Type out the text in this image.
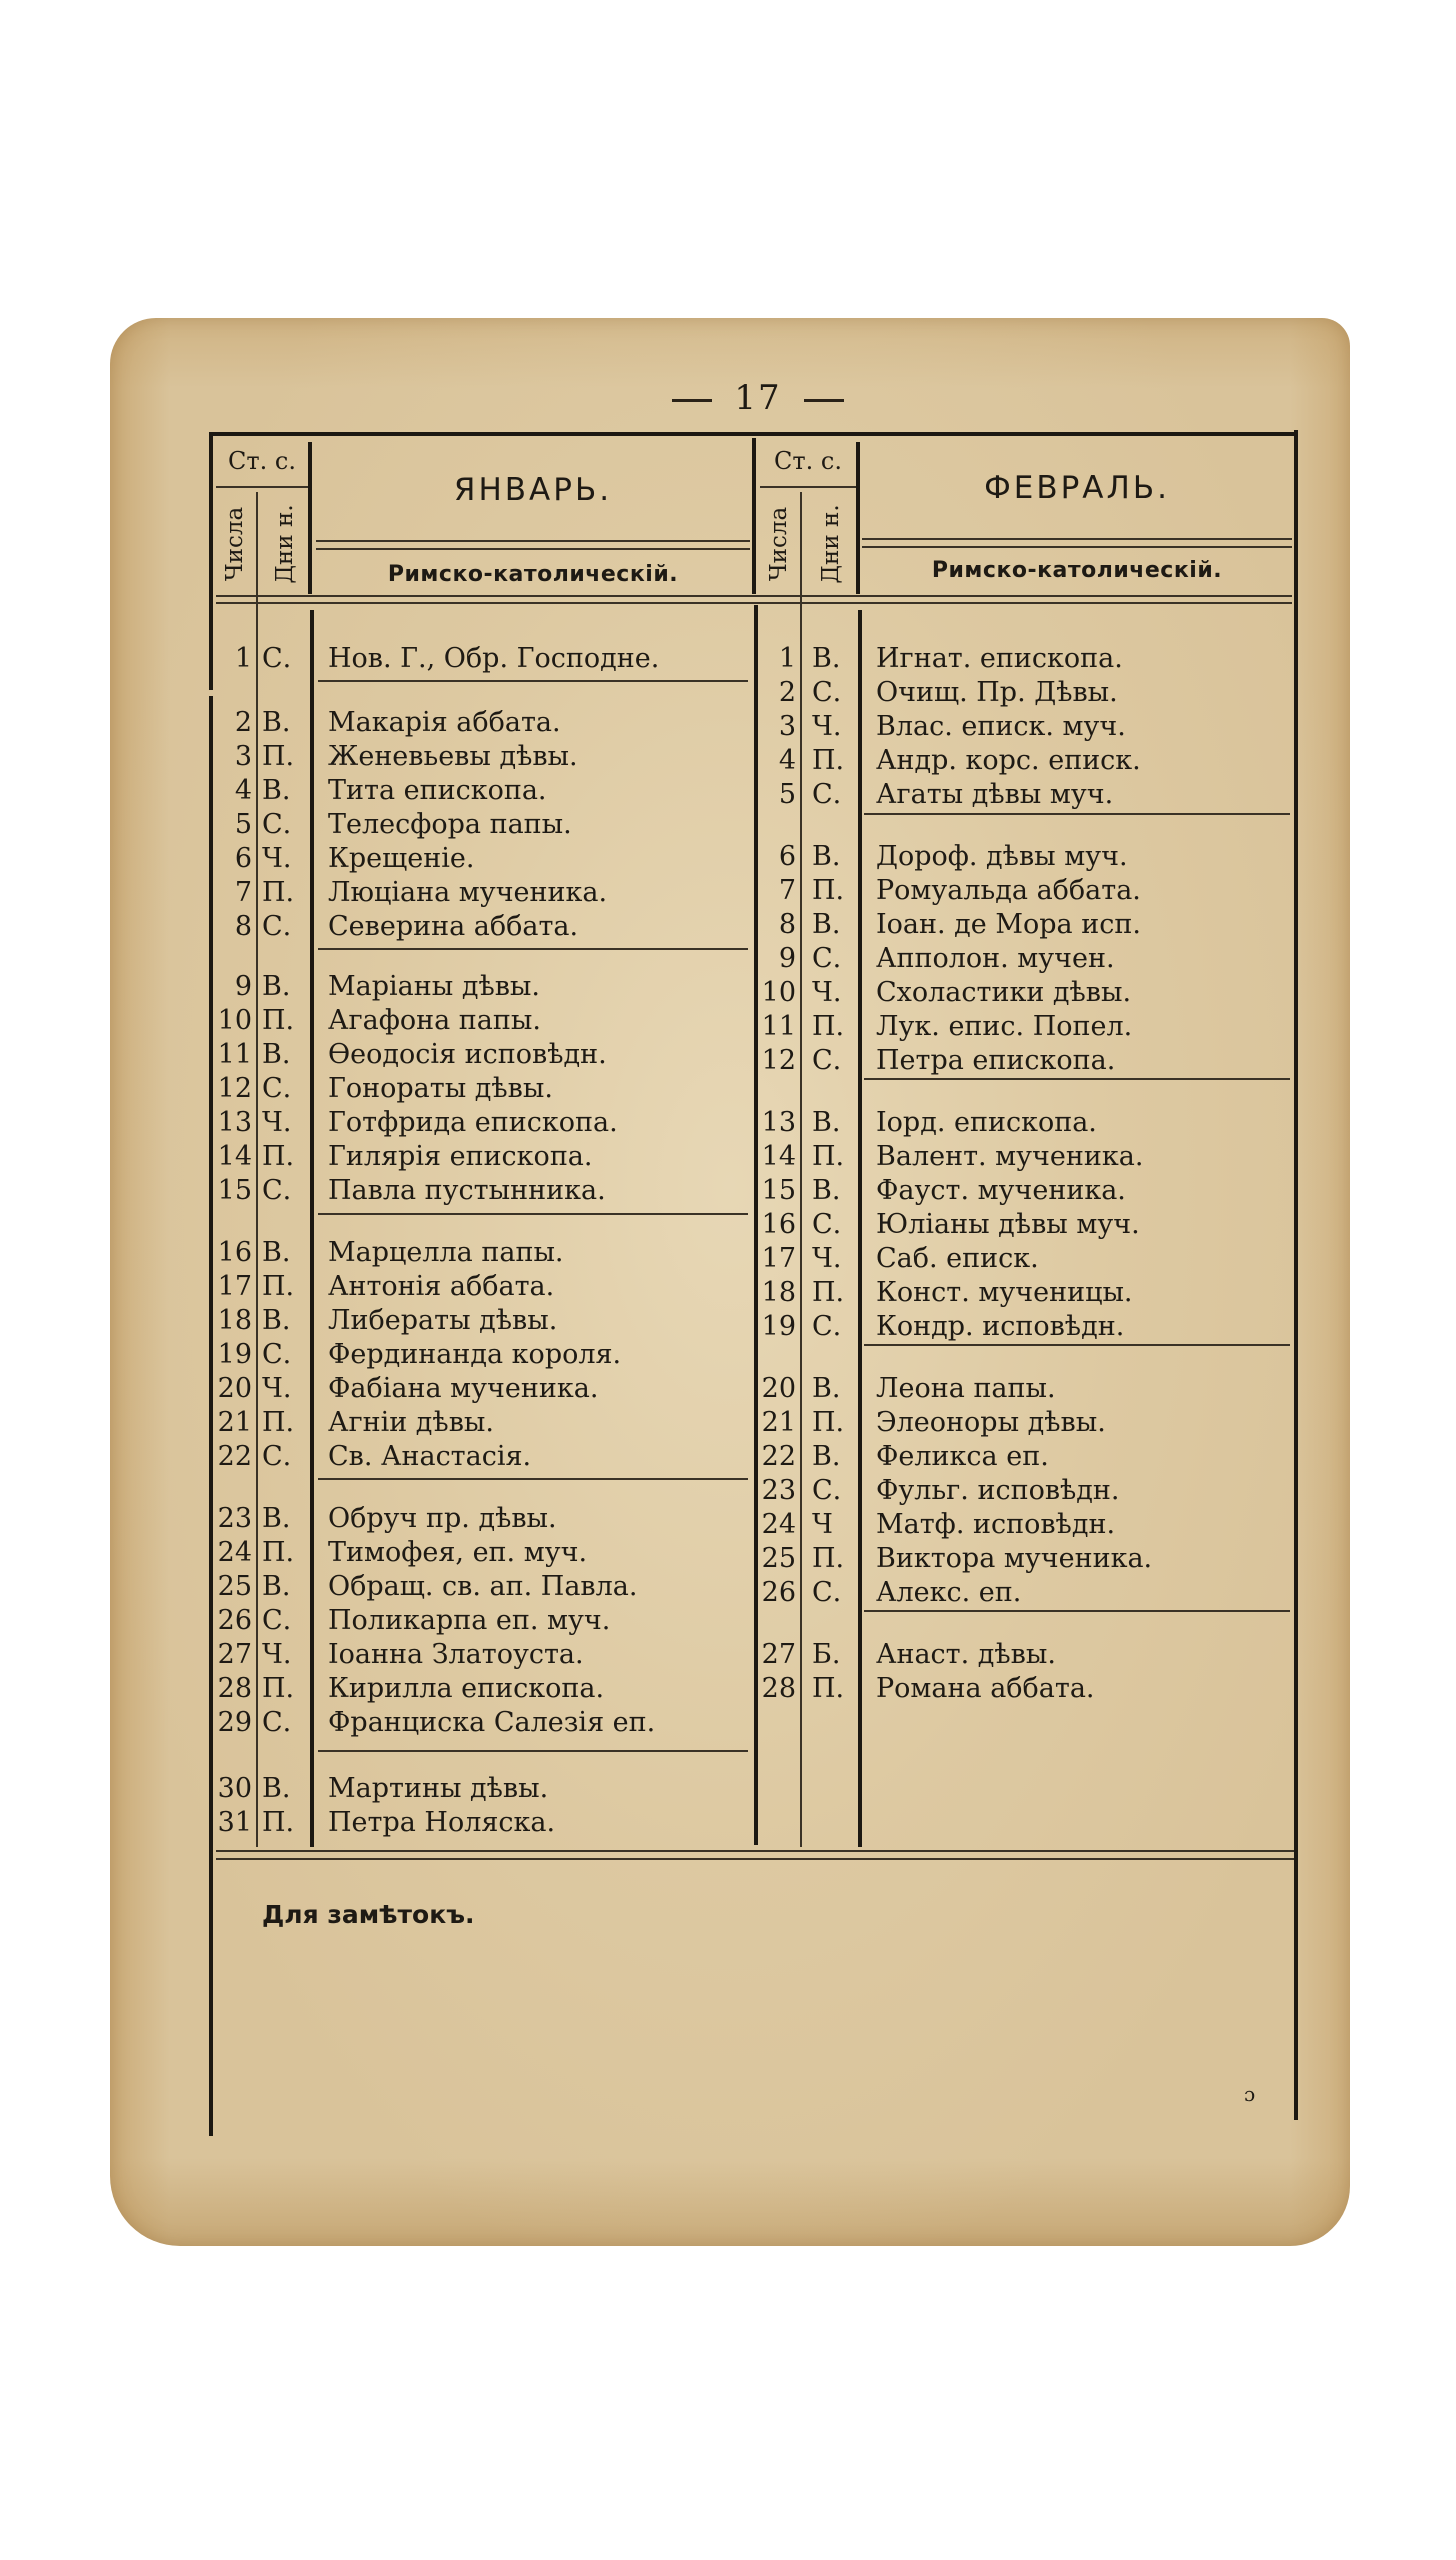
17
Ст. с.	Ст. с.
Числа Дни н.	Числа Дни н.
ЯНВАРЬ.	ФЕВРАЛЬ.
Римско-католическій.	Римско-католическій.
1 С. Нов. Г., Обр. Господне.
2 В. Макарія аббата.
3 П. Женевьевы дѣвы.
4 В. Тита епископа.
5 С. Телесфора папы.
6 Ч. Крещеніе.
7 П. Люціана мученика.
8 С. Северина аббата.
9 В. Маріаны дѣвы.
10 П. Агафона папы.
11 В. Ѳеодосія исповѣдн.
12 С. Гонораты дѣвы.
13 Ч. Готфрида епископа.
14 П. Гилярія епископа.
15 С. Павла пустынника.
16 В. Марцелла папы.
17 П. Антонія аббата.
18 В. Либераты дѣвы.
19 С. Фердинанда короля.
20 Ч. Фабіана мученика.
21 П. Агніи дѣвы.
22 С. Св. Анастасія.
23 В. Обруч пр. дѣвы.
24 П. Тимофея, еп. муч.
25 В. Обращ. св. ап. Павла.
26 С. Поликарпа еп. муч.
27 Ч. Іоанна Златоуста.
28 П. Кирилла епископа.
29 С. Франциска Салезія еп.
30 В. Мартины дѣвы.
31 П. Петра Ноляска.
1 В. Игнат. епископа.
2 С. Очищ. Пр. Дѣвы.
3 Ч. Влас. еписк. муч.
4 П. Андр. корс. еписк.
5 С. Агаты дѣвы муч.
6 В. Дороф. дѣвы муч.
7 П. Ромуальда аббата.
8 В. Іоан. де Мора исп.
9 С. Апполон. мучен.
10 Ч. Схоластики дѣвы.
11 П. Лук. епис. Попел.
12 С. Петра епископа.
13 В. Іорд. епископа.
14 П. Валент. мученика.
15 В. Фауст. мученика.
16 С. Юліаны дѣвы муч.
17 Ч. Саб. еписк.
18 П. Конст. мученицы.
19 С. Кондр. исповѣдн.
20 В. Леона папы.
21 П. Элеоноры дѣвы.
22 В. Феликса еп.
23 С. Фульг. исповѣдн.
24 Ч Матф. исповѣдн.
25 П. Виктора мученика.
26 С. Алекс. еп.
27 Б. Анаст. дѣвы.
28 П. Романа аббата.
Для замѣтокъ.
ɔ
